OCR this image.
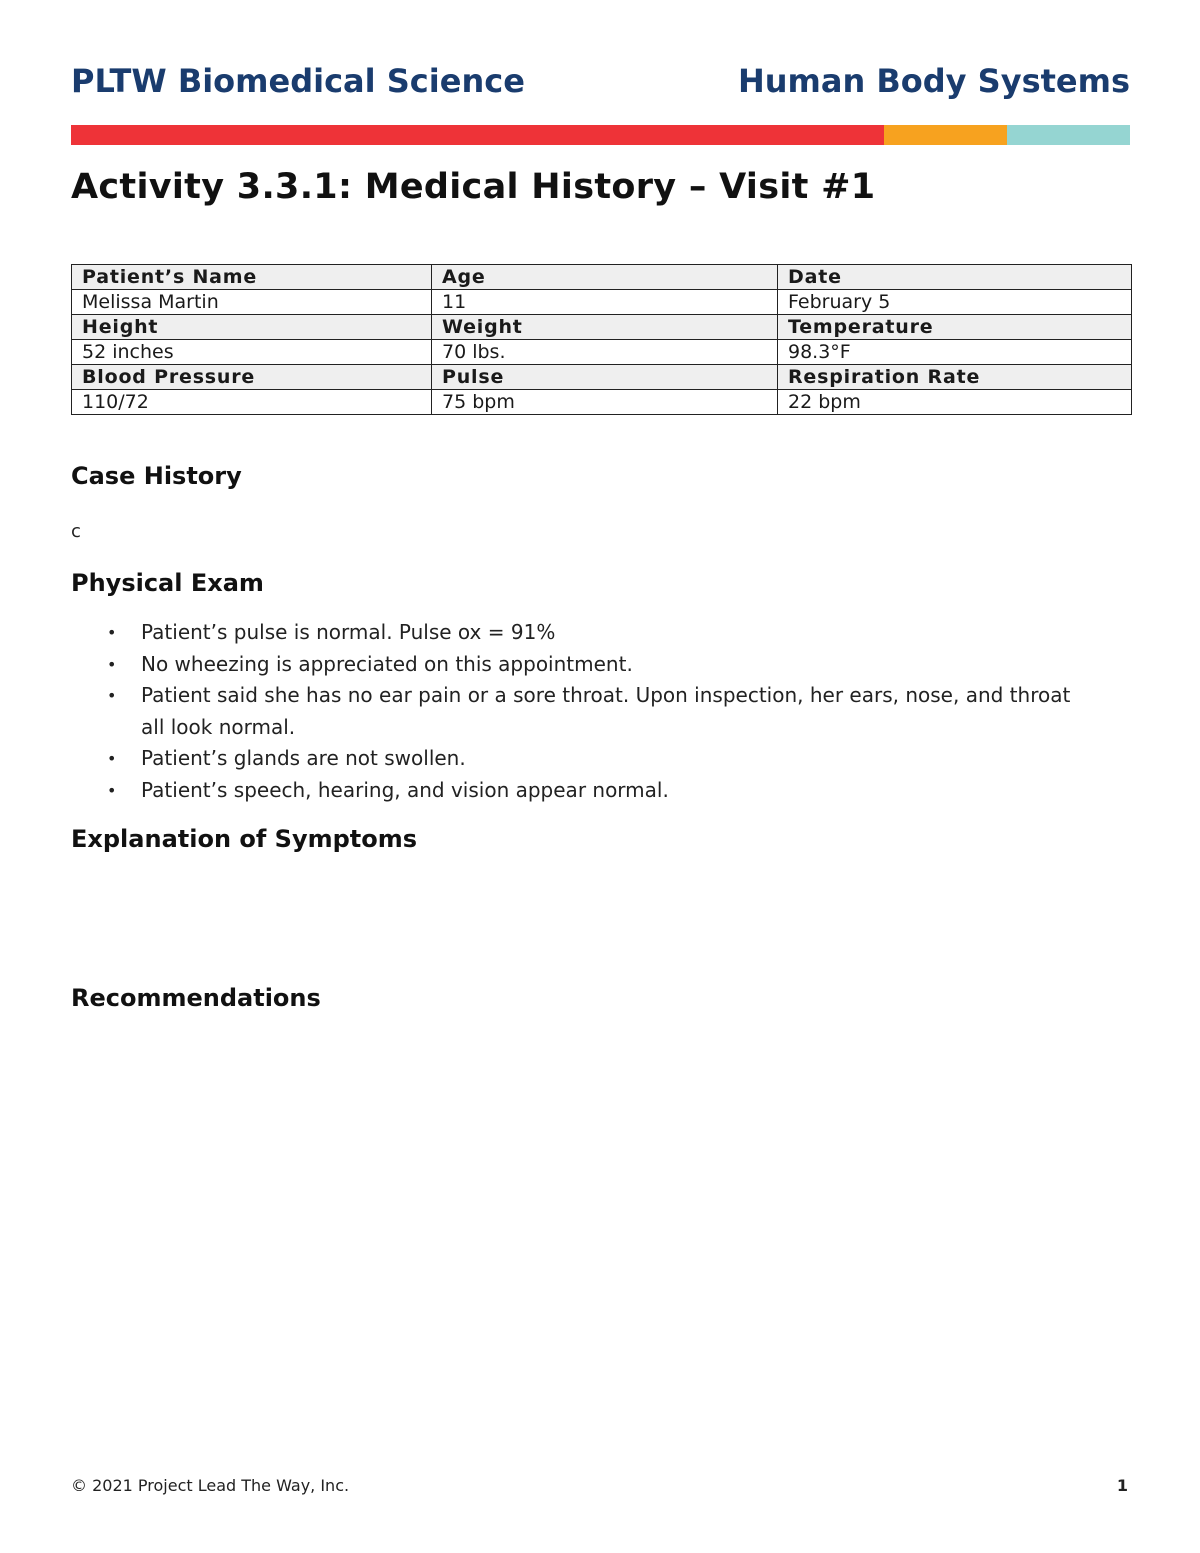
PLTW Biomedical Science	Human Body Systems
Activity 3.3.1: Medical History – Visit #1
Patient’s Name	Age	Date
Melissa Martin	11	February 5
Height	Weight	Temperature
52 inches	70 lbs.	98.3°F
Blood Pressure	Pulse	Respiration Rate
110/72	75 bpm	22 bpm
Case History
c
Physical Exam
• Patient’s pulse is normal. Pulse ox = 91%
• No wheezing is appreciated on this appointment.
• Patient said she has no ear pain or a sore throat. Upon inspection, her ears, nose, and throat all look normal.
• Patient’s glands are not swollen.
• Patient’s speech, hearing, and vision appear normal.
Explanation of Symptoms
Recommendations
© 2021 Project Lead The Way, Inc.	1
